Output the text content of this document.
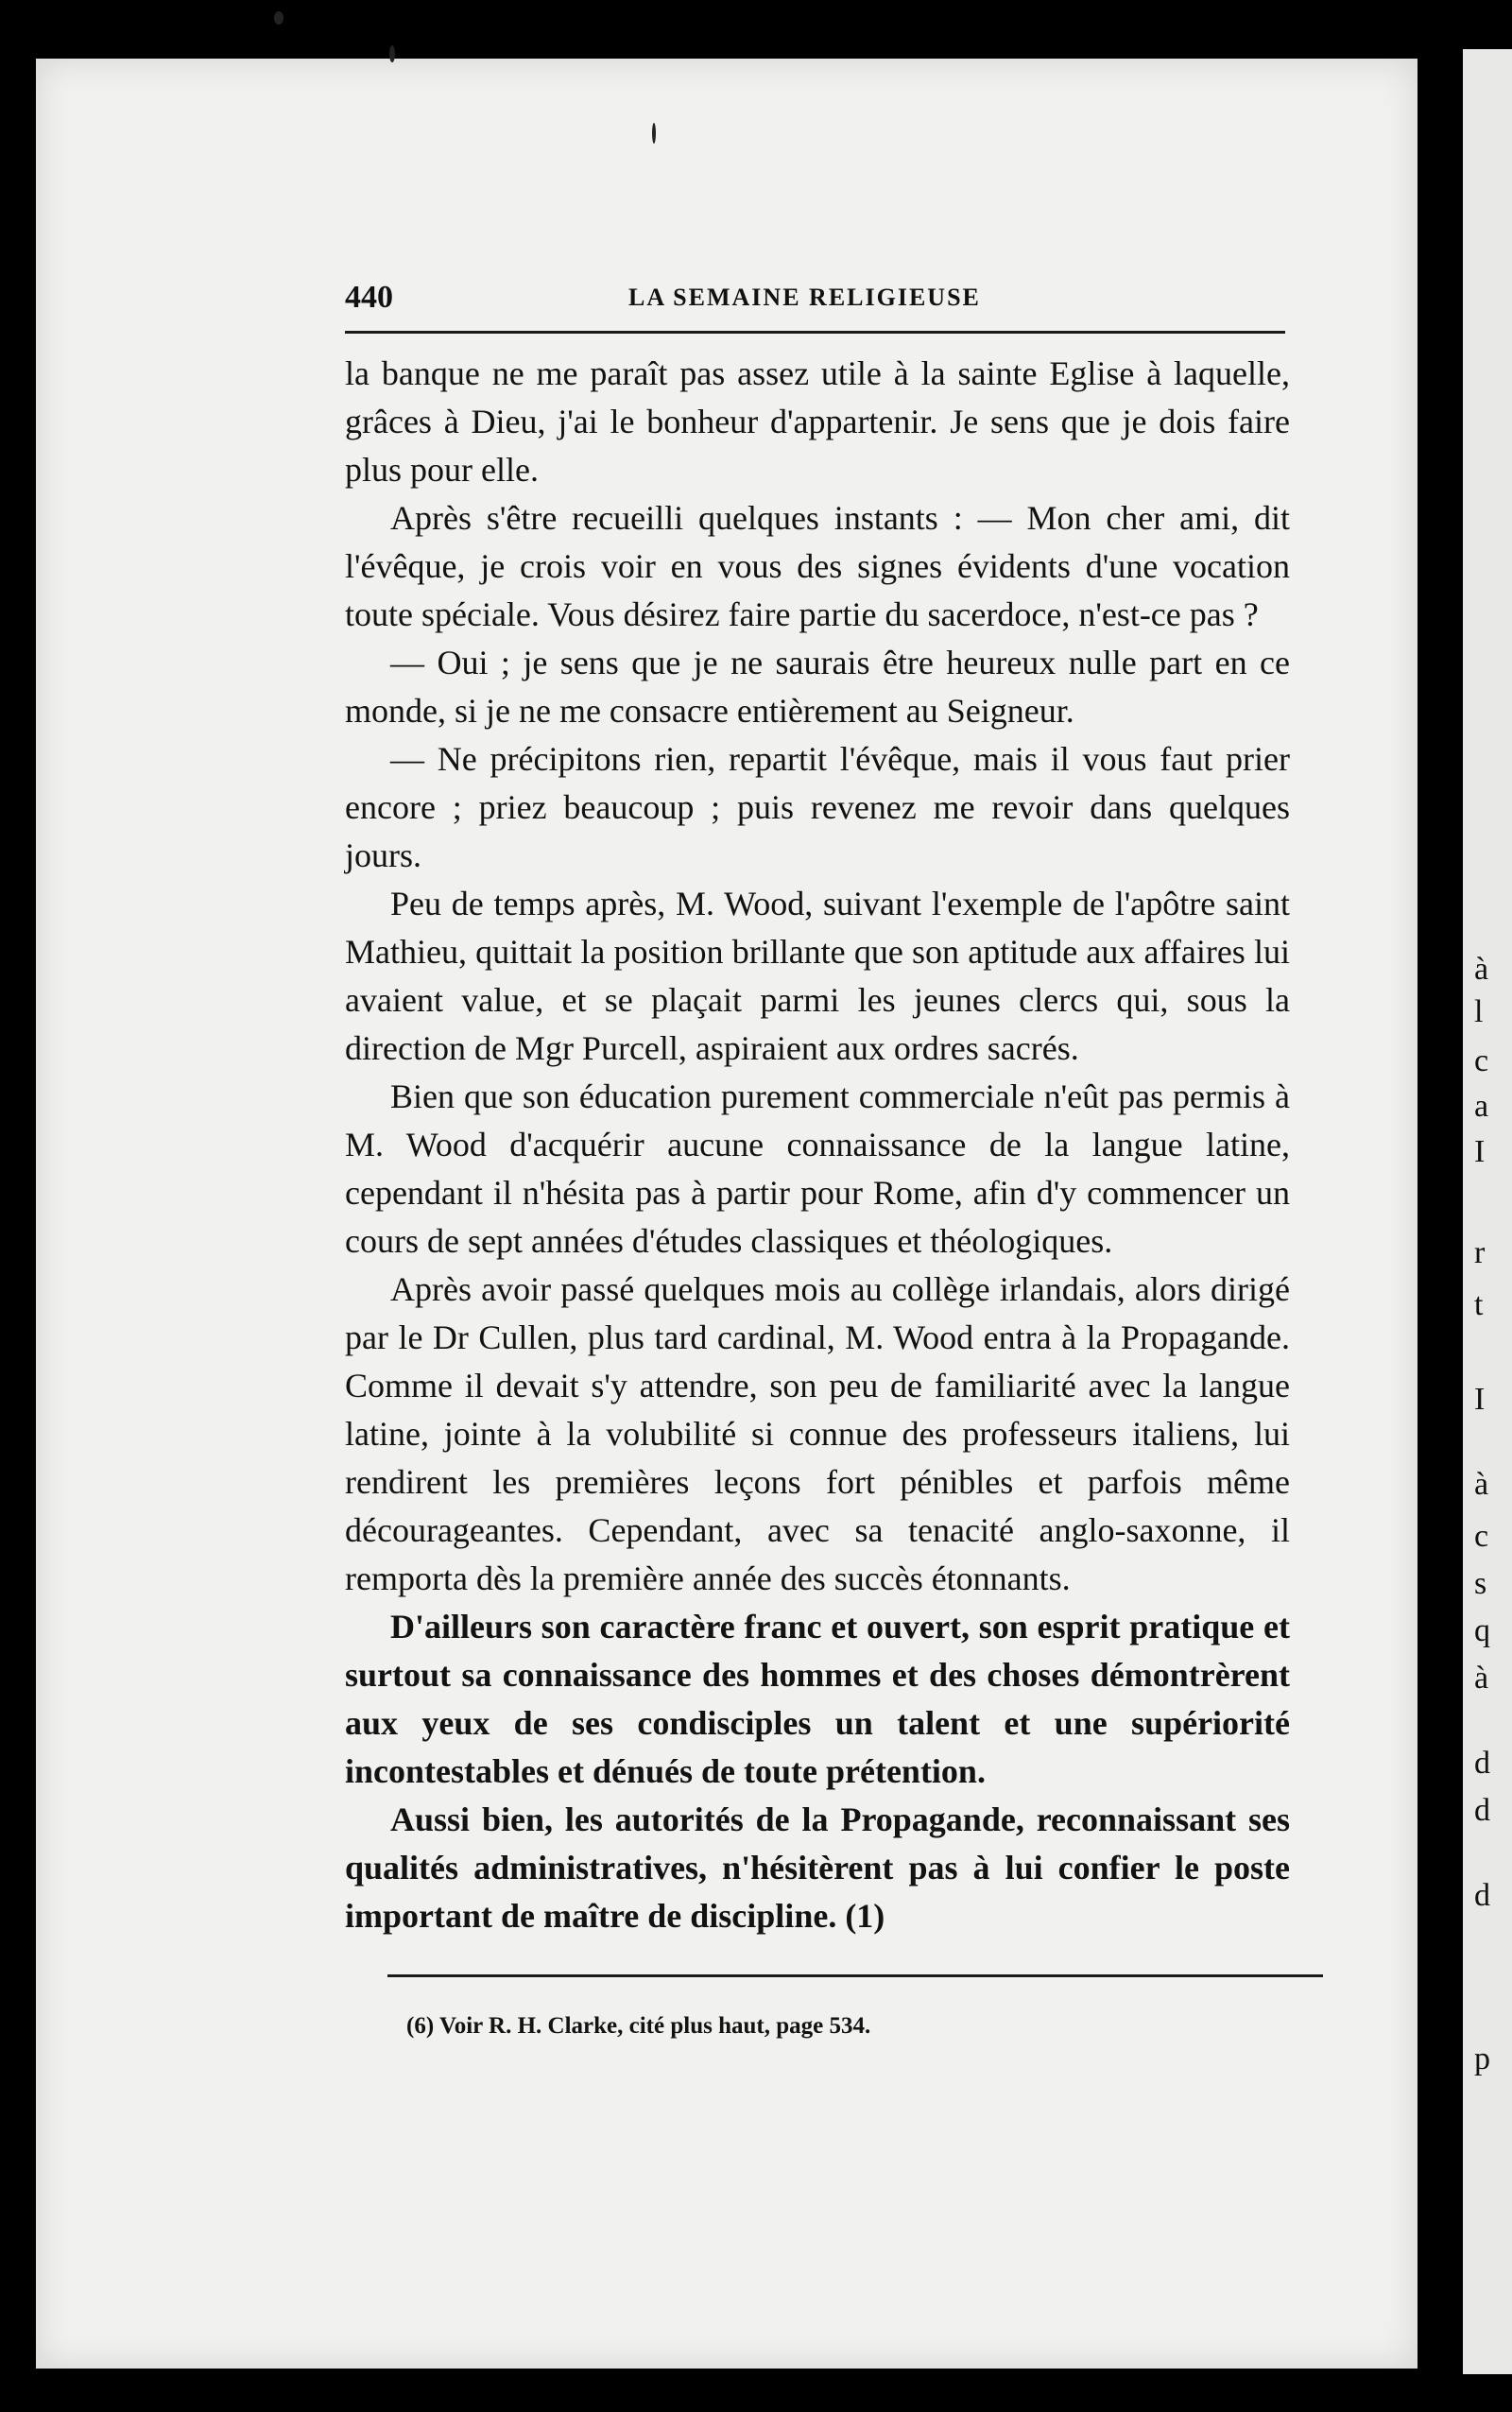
à
l
c
a
I
r
t
I
à
c
s
q
à
d
d
d
p
440	LA SEMAINE RELIGIEUSE

la banque ne me paraît pas assez utile à la sainte Eglise à laquelle, grâces à Dieu, j'ai le bonheur d'appartenir. Je sens que je dois faire plus pour elle.

Après s'être recueilli quelques instants : — Mon cher ami, dit l'évêque, je crois voir en vous des signes évidents d'une vocation toute spéciale. Vous désirez faire partie du sacerdoce, n'est-ce pas ?

— Oui ; je sens que je ne saurais être heureux nulle part en ce monde, si je ne me consacre entièrement au Seigneur.

— Ne précipitons rien, repartit l'évêque, mais il vous faut prier encore ; priez beaucoup ; puis revenez me revoir dans quelques jours.

Peu de temps après, M. Wood, suivant l'exemple de l'apôtre saint Mathieu, quittait la position brillante que son aptitude aux affaires lui avaient value, et se plaçait parmi les jeunes clercs qui, sous la direction de Mgr Purcell, aspiraient aux ordres sacrés.

Bien que son éducation purement commerciale n'eût pas permis à M. Wood d'acquérir aucune connaissance de la langue latine, cependant il n'hésita pas à partir pour Rome, afin d'y commencer un cours de sept années d'études classiques et théologiques.

Après avoir passé quelques mois au collège irlandais, alors dirigé par le Dr Cullen, plus tard cardinal, M. Wood entra à la Propagande. Comme il devait s'y attendre, son peu de familiarité avec la langue latine, jointe à la volubilité si connue des professeurs italiens, lui rendirent les premières leçons fort pénibles et parfois même décourageantes. Cependant, avec sa tenacité anglo-saxonne, il remporta dès la première année des succès étonnants.

D'ailleurs son caractère franc et ouvert, son esprit pratique et surtout sa connaissance des hommes et des choses démontrèrent aux yeux de ses condisciples un talent et une supériorité incontestables et dénués de toute prétention.

Aussi bien, les autorités de la Propagande, reconnaissant ses qualités administratives, n'hésitèrent pas à lui confier le poste important de maître de discipline. (1)

(6) Voir R. H. Clarke, cité plus haut, page 534.
